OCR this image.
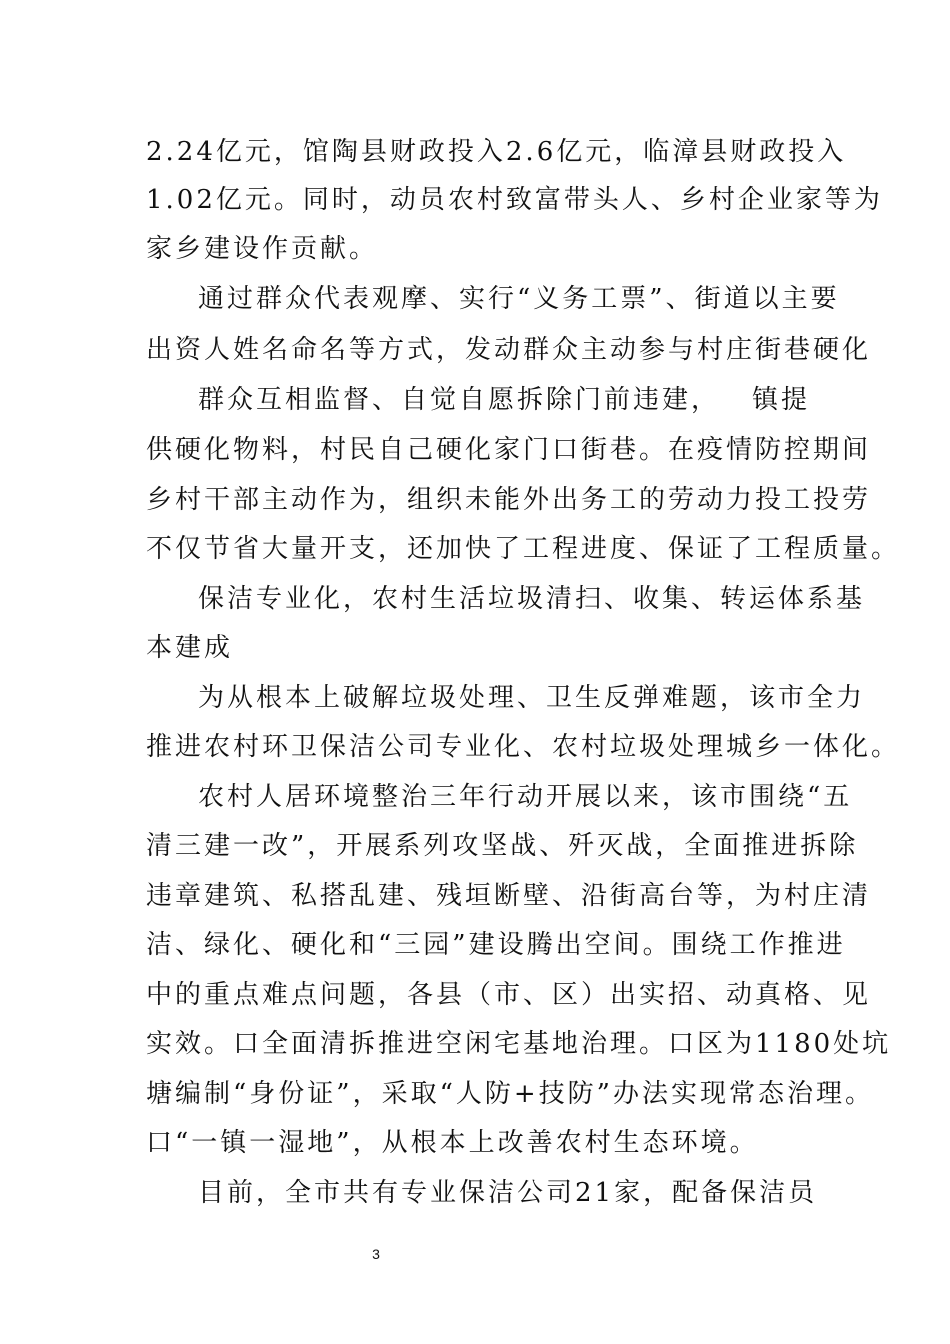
2.24亿元，馆陶县财政投入2.6亿元，临漳县财政投入
1.02亿元。同时，动员农村致富带头人、乡村企业家等为
家乡建设作贡献。
通过群众代表观摩、实行“义务工票”、街道以主要
出资人姓名命名等方式，发动群众主动参与村庄街巷硬化
群众互相监督、自觉自愿拆除门前违建， 镇提
供硬化物料，村民自己硬化家门口街巷。在疫情防控期间
乡村干部主动作为，组织未能外出务工的劳动力投工投劳
不仅节省大量开支，还加快了工程进度、保证了工程质量。
保洁专业化，农村生活垃圾清扫、收集、转运体系基
本建成
为从根本上破解垃圾处理、卫生反弹难题，该市全力
推进农村环卫保洁公司专业化、农村垃圾处理城乡一体化。
农村人居环境整治三年行动开展以来，该市围绕“五
清三建一改”，开展系列攻坚战、歼灭战，全面推进拆除
违章建筑、私搭乱建、残垣断壁、沿街高台等，为村庄清
洁、绿化、硬化和“三园”建设腾出空间。围绕工作推进
中的重点难点问题，各县（市、区）出实招、动真格、见
实效。口全面清拆推进空闲宅基地治理。口区为1180处坑
塘编制“身份证”，采取“人防+技防”办法实现常态治理。
口“一镇一湿地”，从根本上改善农村生态环境。
目前，全市共有专业保洁公司21家，配备保洁员
3
